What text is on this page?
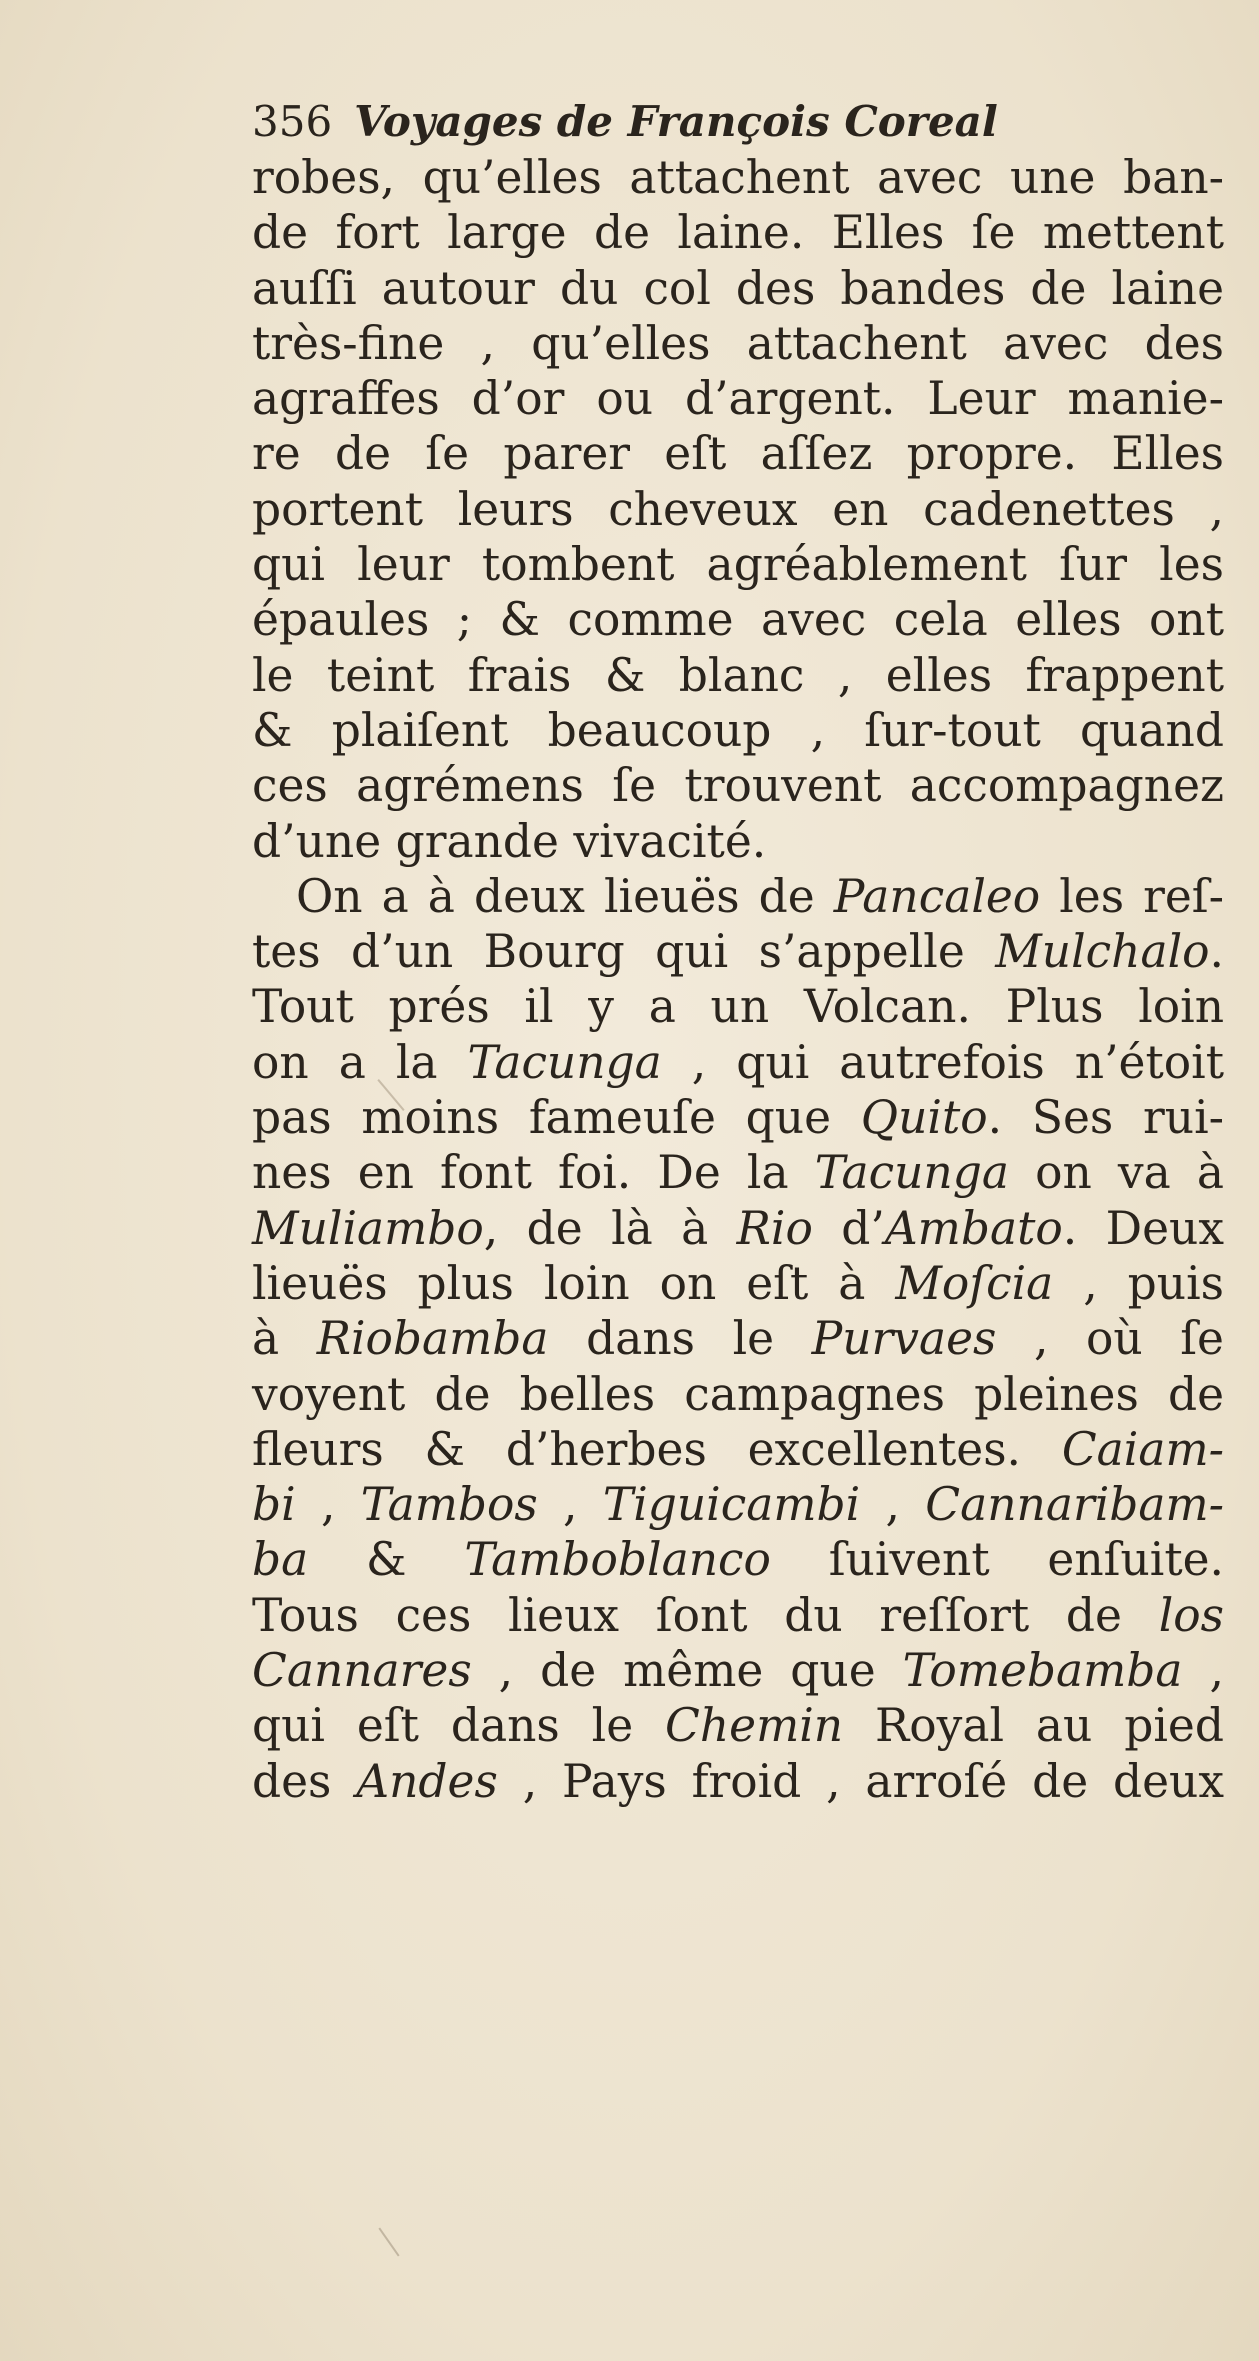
356 Voyages de François Coreal
robes, qu’elles attachent avec une ban-
de fort large de laine. Elles ſe mettent
auſſi autour du col des bandes de laine
très-fine , qu’elles attachent avec des
agraffes d’or ou d’argent. Leur manie-
re de ſe parer eſt aſſez propre. Elles
portent leurs cheveux en cadenettes ,
qui leur tombent agréablement ſur les
épaules ; & comme avec cela elles ont
le teint frais & blanc , elles frappent
& plaiſent beaucoup , ſur-tout quand
ces agrémens ſe trouvent accompagnez
d’une grande vivacité.
On a à deux lieuës de Pancaleo les reſ-
tes d’un Bourg qui s’appelle Mulchalo.
Tout prés il y a un Volcan. Plus loin
on a la Tacunga , qui autrefois n’étoit
pas moins fameuſe que Quito. Ses rui-
nes en font foi. De la Tacunga on va à
Muliambo, de là à Rio d’Ambato. Deux
lieuës plus loin on eſt à Moſcia , puis
à Riobamba dans le Purvaes , où ſe
voyent de belles campagnes pleines de
fleurs & d’herbes excellentes. Caiam-
bi , Tambos , Tiguicambi , Cannaribam-
ba & Tamboblanco ſuivent enſuite.
Tous ces lieux ſont du reſſort de los
Cannares , de même que Tomebamba ,
qui eſt dans le Chemin Royal au pied
des Andes , Pays froid , arroſé de deux
